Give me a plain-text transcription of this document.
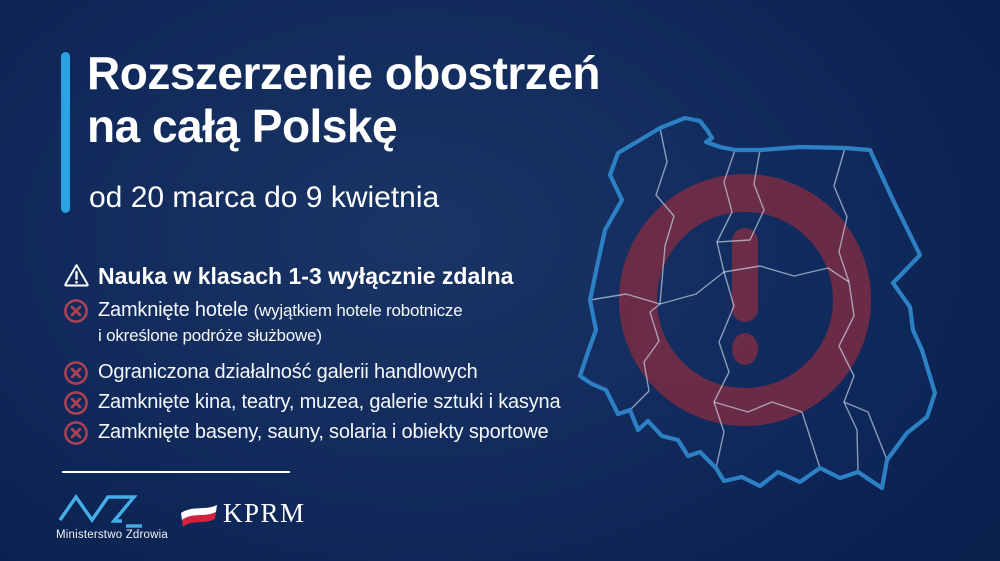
Rozszerzenie obostrzeń
na całą Polskę
od 20 marca do 9 kwietnia
Nauka w klasach 1-3 wyłącznie zdalna
Zamknięte hotele (wyjątkiem hotele robotnicze
i określone podróże służbowe)
Ograniczona działalność galerii handlowych
Zamknięte kina, teatry, muzea, galerie sztuki i kasyna
Zamknięte baseny, sauny, solaria i obiekty sportowe
Ministerstwo Zdrowia
KPRM
